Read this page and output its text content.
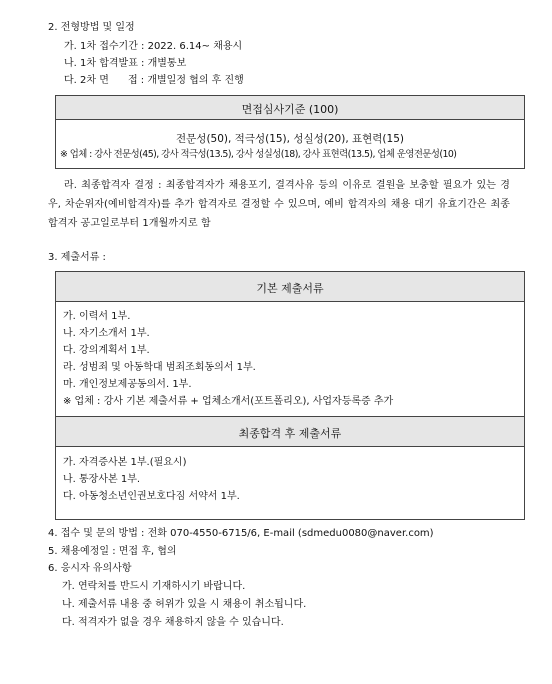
2. 전형방법 및 일정
가. 1차 접수기간 : 2022. 6.14~ 채용시
나. 1차 합격발표 : 개별통보
다. 2차 면      접 : 개별일정 협의 후 진행
면접심사기준 (100)
전문성(50), 적극성(15), 성실성(20), 표현력(15)
※ 업체 : 강사 전문성(45), 강사 적극성(13.5), 강사 성실성(18), 강사 표현력(13.5), 업체 운영전문성(10)
라. 최종합격자 결정 : 최종합격자가 채용포기, 결격사유 등의 이유로 결원을 보충할 필요가 있는 경우, 차순위자(예비합격자)를 추가 합격자로 결정할 수 있으며, 예비 합격자의 채용 대기 유효기간은 최종합격자 공고일로부터 1개월까지로 함
3. 제출서류 :
기본 제출서류
가. 이력서 1부.
나. 자기소개서 1부.
다. 강의계획서 1부.
라. 성범죄 및 아동학대 범죄조회동의서 1부.
마. 개인정보제공동의서. 1부.
※ 업체 : 강사 기본 제출서류 + 업체소개서(포트폴리오), 사업자등록증 추가
최종합격 후 제출서류
가. 자격증사본 1부.(필요시)
나. 통장사본 1부.
다. 아동청소년인권보호다짐 서약서 1부.
4. 접수 및 문의 방법 : 전화 070-4550-6715/6, E-mail (sdmedu0080@naver.com)
5. 채용예정일 : 면접 후, 협의
6. 응시자 유의사항
가. 연락처를 반드시 기재하시기 바랍니다.
나. 제출서류 내용 중 허위가 있을 시 채용이 취소됩니다.
다. 적격자가 없을 경우 채용하지 않을 수 있습니다.
